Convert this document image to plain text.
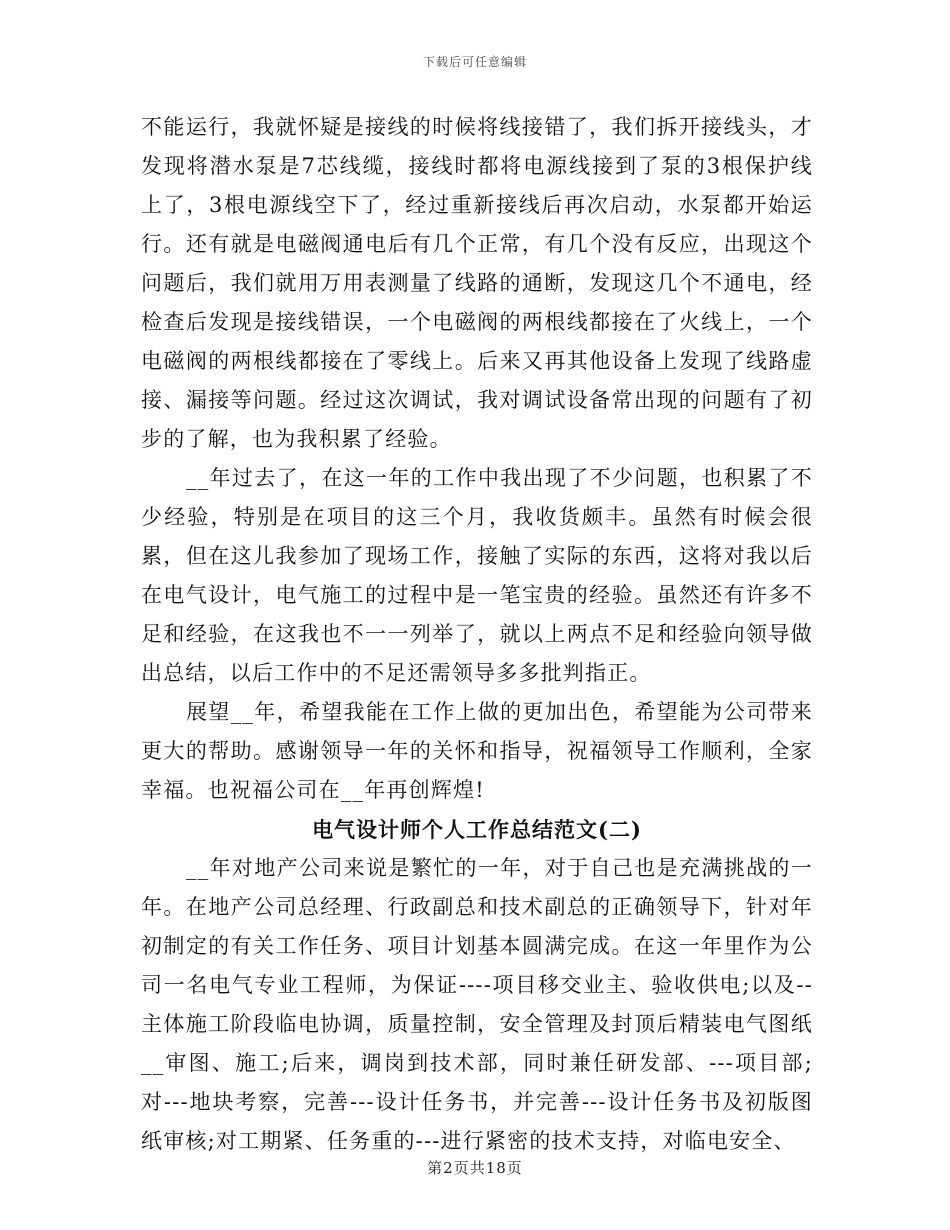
下载后可任意编辑

不能运行，我就怀疑是接线的时候将线接错了，我们拆开接线头，才发现将潜水泵是7芯线缆，接线时都将电源线接到了泵的3根保护线上了，3根电源线空下了，经过重新接线后再次启动，水泵都开始运行。还有就是电磁阀通电后有几个正常，有几个没有反应，出现这个问题后，我们就用万用表测量了线路的通断，发现这几个不通电，经检查后发现是接线错误，一个电磁阀的两根线都接在了火线上，一个电磁阀的两根线都接在了零线上。后来又再其他设备上发现了线路虚接、漏接等问题。经过这次调试，我对调试设备常出现的问题有了初步的了解，也为我积累了经验。

__年过去了，在这一年的工作中我出现了不少问题，也积累了不少经验，特别是在项目的这三个月，我收货颇丰。虽然有时候会很累，但在这儿我参加了现场工作，接触了实际的东西，这将对我以后在电气设计，电气施工的过程中是一笔宝贵的经验。虽然还有许多不足和经验，在这我也不一一列举了，就以上两点不足和经验向领导做出总结，以后工作中的不足还需领导多多批判指正。

展望__年，希望我能在工作上做的更加出色，希望能为公司带来更大的帮助。感谢领导一年的关怀和指导，祝福领导工作顺利，全家幸福。也祝福公司在__年再创辉煌!

电气设计师个人工作总结范文(二)

__年对地产公司来说是繁忙的一年，对于自己也是充满挑战的一年。在地产公司总经理、行政副总和技术副总的正确领导下，针对年初制定的有关工作任务、项目计划基本圆满完成。在这一年里作为公司一名电气专业工程师，为保证----项目移交业主、验收供电;以及--主体施工阶段临电协调，质量控制，安全管理及封顶后精装电气图纸__审图、施工;后来，调岗到技术部，同时兼任研发部、---项目部;对---地块考察，完善---设计任务书，并完善---设计任务书及初版图纸审核;对工期紧、任务重的---进行紧密的技术支持，对临电安全、

第2页共18页
